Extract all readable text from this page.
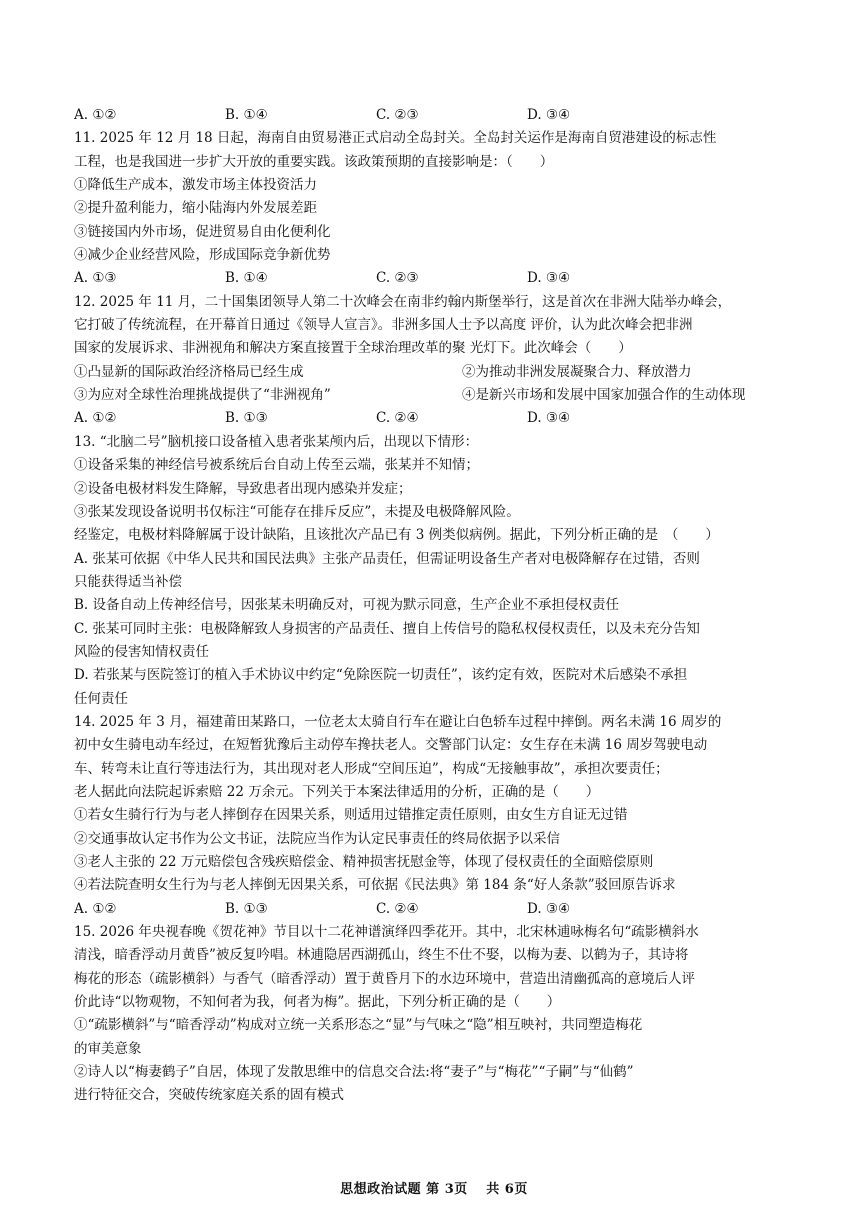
A. ①②	B. ①④	C. ②③	D. ③④
11. 2025 年 12 月 18 日起，海南自由贸易港正式启动全岛封关。全岛封关运作是海南自贸港建设的标志性
工程，也是我国进一步扩大开放的重要实践。该政策预期的直接影响是：（　　）
①降低生产成本，激发市场主体投资活力
②提升盈利能力，缩小陆海内外发展差距
③链接国内外市场，促进贸易自由化便利化
④减少企业经营风险，形成国际竞争新优势
A. ①③	B. ①④	C. ②③	D. ③④
12. 2025 年 11 月，二十国集团领导人第二十次峰会在南非约翰内斯堡举行，这是首次在非洲大陆举办峰会，
它打破了传统流程，在开幕首日通过《领导人宣言》。非洲多国人士予以高度 评价，认为此次峰会把非洲
国家的发展诉求、非洲视角和解决方案直接置于全球治理改革的聚 光灯下。此次峰会（　　）
①凸显新的国际政治经济格局已经生成	②为推动非洲发展凝聚合力、释放潜力
③为应对全球性治理挑战提供了“非洲视角”	④是新兴市场和发展中国家加强合作的生动体现
A. ①②	B. ①③	C. ②④	D. ③④
13. “北脑二号”脑机接口设备植入患者张某颅内后，出现以下情形：
①设备采集的神经信号被系统后台自动上传至云端，张某并不知情；
②设备电极材料发生降解，导致患者出现内感染并发症；
③张某发现设备说明书仅标注“可能存在排斥反应”，未提及电极降解风险。
经鉴定，电极材料降解属于设计缺陷，且该批次产品已有 3 例类似病例。据此，下列分析正确的是　（　　）
A. 张某可依据《中华人民共和国民法典》主张产品责任，但需证明设备生产者对电极降解存在过错，否则
只能获得适当补偿
B. 设备自动上传神经信号，因张某未明确反对，可视为默示同意，生产企业不承担侵权责任
C. 张某可同时主张：电极降解致人身损害的产品责任、擅自上传信号的隐私权侵权责任，以及未充分告知
风险的侵害知情权责任
D. 若张某与医院签订的植入手术协议中约定“免除医院一切责任”，该约定有效，医院对术后感染不承担
任何责任
14. 2025 年 3 月，福建莆田某路口，一位老太太骑自行车在避让白色轿车过程中摔倒。两名未满 16 周岁的
初中女生骑电动车经过，在短暂犹豫后主动停车搀扶老人。交警部门认定：女生存在未满 16 周岁驾驶电动
车、转弯未让直行等违法行为，其出现对老人形成“空间压迫”，构成“无接触事故”，承担次要责任；
老人据此向法院起诉索赔 22 万余元。下列关于本案法律适用的分析，正确的是（　　）
①若女生骑行行为与老人摔倒存在因果关系，则适用过错推定责任原则，由女生方自证无过错
②交通事故认定书作为公文书证，法院应当作为认定民事责任的终局依据予以采信
③老人主张的 22 万元赔偿包含残疾赔偿金、精神损害抚慰金等，体现了侵权责任的全面赔偿原则
④若法院查明女生行为与老人摔倒无因果关系，可依据《民法典》第 184 条“好人条款”驳回原告诉求
A. ①②	B. ①③	C. ②④	D. ③④
15. 2026 年央视春晚《贺花神》节目以十二花神谱演绎四季花开。其中，北宋林逋咏梅名句“疏影横斜水
清浅，暗香浮动月黄昏”被反复吟唱。林逋隐居西湖孤山，终生不仕不娶，以梅为妻、以鹤为子，其诗将
梅花的形态（疏影横斜）与香气（暗香浮动）置于黄昏月下的水边环境中，营造出清幽孤高的意境后人评
价此诗“以物观物，不知何者为我，何者为梅”。据此，下列分析正确的是（　　）
①“疏影横斜”与“暗香浮动”构成对立统一关系形态之“显”与气味之“隐”相互映衬，共同塑造梅花
的审美意象
②诗人以“梅妻鹤子”自居，体现了发散思维中的信息交合法:将“妻子”与“梅花”“子嗣”与“仙鹤”
进行特征交合，突破传统家庭关系的固有模式
思想政治试题 第 3页　 共 6页
